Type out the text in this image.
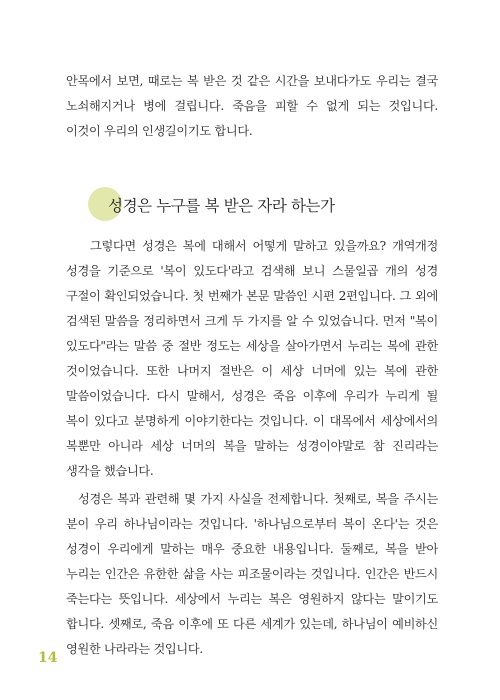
안목에서 보면, 때로는 복 받은 것 같은 시간을 보내다가도 우리는 결국 노쇠해지거나 병에 걸립니다. 죽음을 피할 수 없게 되는 것입니다. 이것이 우리의 인생길이기도 합니다.

성경은 누구를 복 받은 자라 하는가

그렇다면 성경은 복에 대해서 어떻게 말하고 있을까요? 개역개정 성경을 기준으로 '복이 있도다'라고 검색해 보니 스물일곱 개의 성경 구절이 확인되었습니다. 첫 번째가 본문 말씀인 시편 2편입니다. 그 외에 검색된 말씀을 정리하면서 크게 두 가지를 알 수 있었습니다. 먼저 "복이 있도다"라는 말씀 중 절반 정도는 세상을 살아가면서 누리는 복에 관한 것이었습니다. 또한 나머지 절반은 이 세상 너머에 있는 복에 관한 말씀이었습니다. 다시 말해서, 성경은 죽음 이후에 우리가 누리게 될 복이 있다고 분명하게 이야기한다는 것입니다. 이 대목에서 세상에서의 복뿐만 아니라 세상 너머의 복을 말하는 성경이야말로 참 진리라는 생각을 했습니다.

성경은 복과 관련해 몇 가지 사실을 전제합니다. 첫째로, 복을 주시는 분이 우리 하나님이라는 것입니다. '하나님으로부터 복이 온다'는 것은 성경이 우리에게 말하는 매우 중요한 내용입니다. 둘째로, 복을 받아 누리는 인간은 유한한 삶을 사는 피조물이라는 것입니다. 인간은 반드시 죽는다는 뜻입니다. 세상에서 누리는 복은 영원하지 않다는 말이기도 합니다. 셋째로, 죽음 이후에 또 다른 세계가 있는데, 하나님이 예비하신 영원한 나라라는 것입니다.

14
